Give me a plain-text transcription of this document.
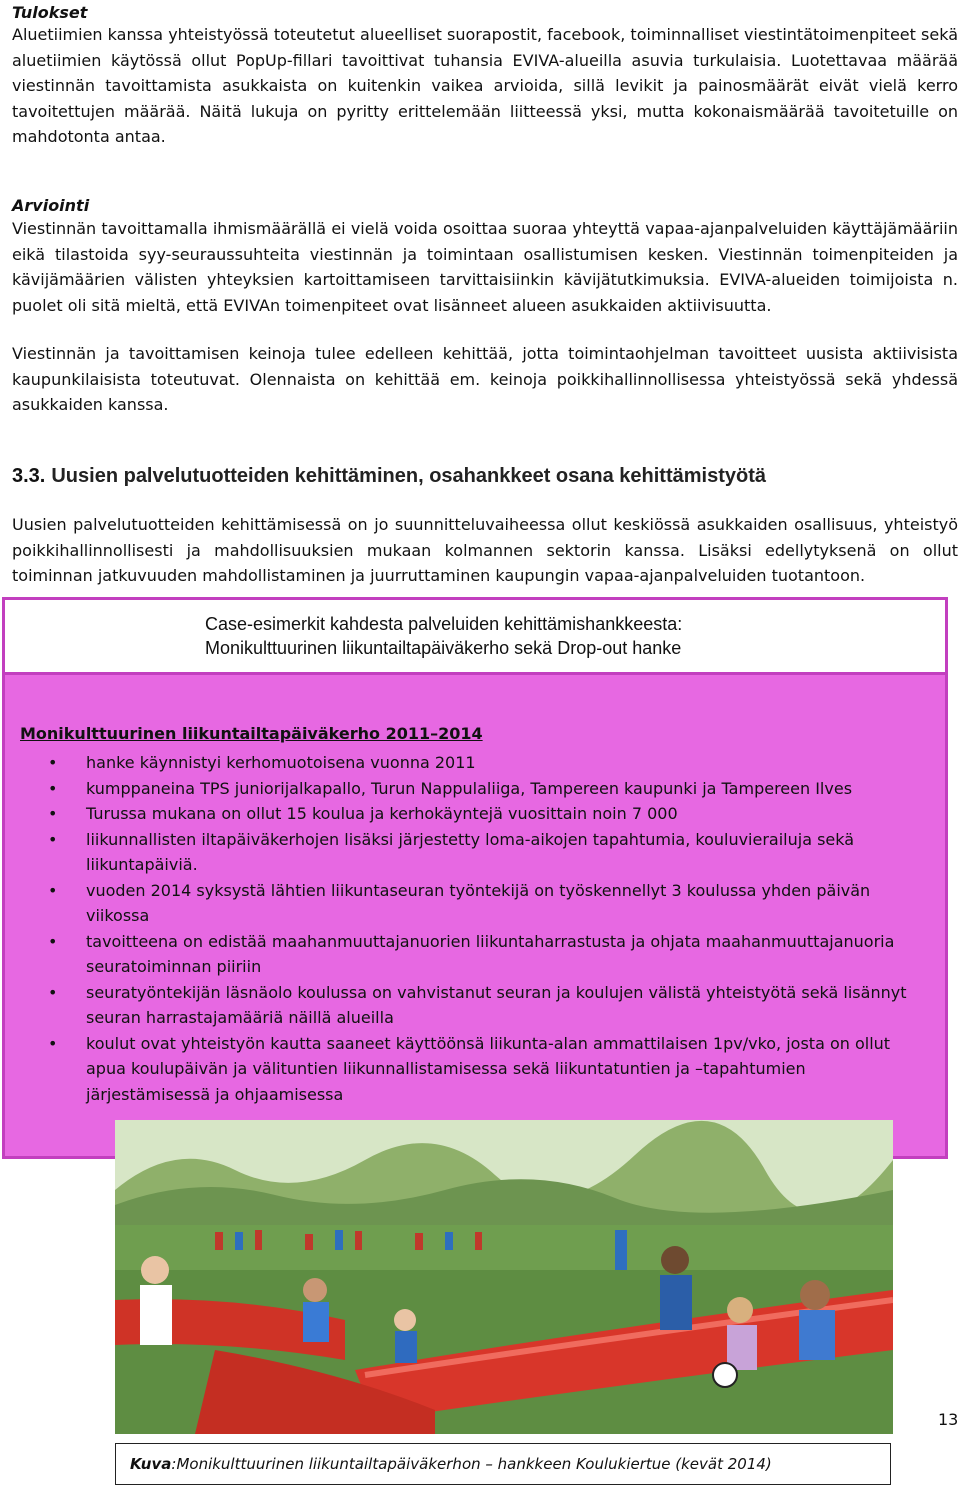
Tulokset

Aluetiimien kanssa yhteistyössä toteutetut alueelliset suorapostit, facebook, toiminnalliset viestintätoimenpiteet sekä aluetiimien käytössä ollut PopUp-fillari tavoittivat tuhansia EVIVA-alueilla asuvia turkulaisia. Luotettavaa määrää viestinnän tavoittamista asukkaista on kuitenkin vaikea arvioida, sillä levikit ja painosmäärät eivät vielä kerro tavoitettujen määrää. Näitä lukuja on pyritty erittelemään liitteessä yksi, mutta kokonaismäärää tavoitetuille on mahdotonta antaa.

Arviointi

Viestinnän tavoittamalla ihmismäärällä ei vielä voida osoittaa suoraa yhteyttä vapaa-ajanpalveluiden käyttäjämääriin eikä tilastoida syy-seuraussuhteita viestinnän ja toimintaan osallistumisen kesken. Viestinnän toimenpiteiden ja kävijämäärien välisten yhteyksien kartoittamiseen tarvittaisiinkin kävijätutkimuksia. EVIVA-alueiden toimijoista n. puolet oli sitä mieltä, että EVIVAn toimenpiteet ovat lisänneet alueen asukkaiden aktiivisuutta.

Viestinnän ja tavoittamisen keinoja tulee edelleen kehittää, jotta toimintaohjelman tavoitteet uusista aktiivisista kaupunkilaisista toteutuvat. Olennaista on kehittää em. keinoja poikkihallinnollisessa yhteistyössä sekä yhdessä asukkaiden kanssa.

3.3. Uusien palvelutuotteiden kehittäminen, osahankkeet osana kehittämistyötä

Uusien palvelutuotteiden kehittämisessä on jo suunnitteluvaiheessa ollut keskiössä asukkaiden osallisuus, yhteistyö poikkihallinnollisesti ja mahdollisuuksien mukaan kolmannen sektorin kanssa. Lisäksi edellytyksenä on ollut toiminnan jatkuvuuden mahdollistaminen ja juurruttaminen kaupungin vapaa-ajanpalveluiden tuotantoon.

Case-esimerkit kahdesta palveluiden kehittämishankkeesta:
Monikulttuurinen liikuntailtapäiväkerho sekä Drop-out hanke

Monikulttuurinen liikuntailtapäiväkerho 2011–2014

• hanke käynnistyi kerhomuotoisena vuonna 2011
• kumppaneina TPS juniorijalkapallo, Turun Nappulaliiga, Tampereen kaupunki ja Tampereen Ilves
• Turussa mukana on ollut 15 koulua ja kerhokäyntejä vuosittain noin 7 000
• liikunnallisten iltapäiväkerhojen lisäksi järjestetty loma-aikojen tapahtumia, kouluvierailuja sekä liikuntapäiviä.
• vuoden 2014 syksystä lähtien liikuntaseuran työntekijä on työskennellyt 3 koulussa yhden päivän viikossa
• tavoitteena on edistää maahanmuuttajanuorien liikuntaharrastusta ja ohjata maahanmuuttajanuoria seuratoiminnan piiriin
• seuratyöntekijän läsnäolo koulussa on vahvistanut seuran ja koulujen välistä yhteistyötä sekä lisännyt seuran harrastajamääriä näillä alueilla
• koulut ovat yhteistyön kautta saaneet käyttöönsä liikunta-alan ammattilaisen 1pv/vko, josta on ollut apua koulupäivän ja välituntien liikunnallistamisessa sekä liikuntatuntien ja –tapahtumien järjestämisessä ja ohjaamisessa
13
Kuva:Monikulttuurinen liikuntailtapäiväkerhon – hankkeen Koulukiertue (kevät 2014)
